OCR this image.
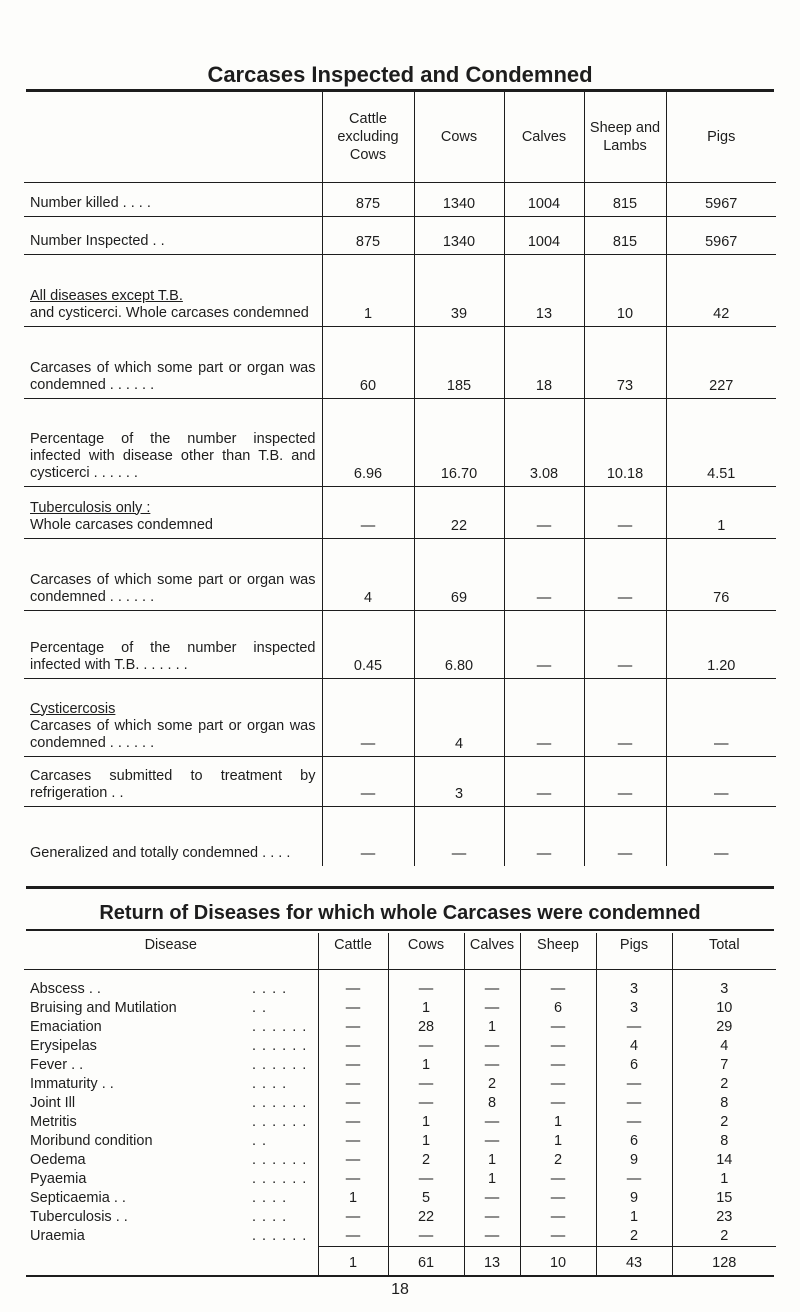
Carcases Inspected and Condemned
	Cattle excluding Cows	Cows	Calves	Sheep and Lambs	Pigs
Number killed . . . .	875	1340	1004	815	5967
Number Inspected . .	875	1340	1004	815	5967

All diseases except T.B.
and cysticerci. Whole carcases condemned	1	39	13	10	42
Carcases of which some part or organ was condemned . . . . . .	60	185	18	73	227
Percentage of the number inspected infected with disease other than T.B. and cysticerci . . . . . .	6.96	16.70	3.08	10.18	4.51

Tuberculosis only :
Whole carcases condemned	—	22	—	—	1
Carcases of which some part or organ was condemned . . . . . .	4	69	—	—	76
Percentage of the number inspected infected with T.B. . . . . . .	0.45	6.80	—	—	1.20

Cysticercosis
Carcases of which some part or organ was condemned . . . . . .	—	4	—	—	—
Carcases submitted to treatment by refrigeration . .	—	3	—	—	—
Generalized and totally condemned . . . .	—	—	—	—	—
Return of Diseases for which whole Carcases were condemned
Disease		Cattle	Cows	Calves	Sheep	Pigs	Total
Abscess . .	. . . .	—	—	—	—	3	3
Bruising and Mutilation	. .	—	1	—	6	3	10
Emaciation	. . . . . .	—	28	1	—	—	29
Erysipelas	. . . . . .	—	—	—	—	4	4
Fever . .	. . . . . .	—	1	—	—	6	7
Immaturity . .	. . . .	—	—	2	—	—	2
Joint Ill	. . . . . .	—	—	8	—	—	8
Metritis	. . . . . .	—	1	—	1	—	2
Moribund condition	. .	—	1	—	1	6	8
Oedema	. . . . . .	—	2	1	2	9	14
Pyaemia	. . . . . .	—	—	1	—	—	1
Septicaemia . .	. . . .	1	5	—	—	9	15
Tuberculosis . .	. . . .	—	22	—	—	1	23
Uraemia	. . . . . .	—	—	—	—	2	2
		1	61	13	10	43	128
18
